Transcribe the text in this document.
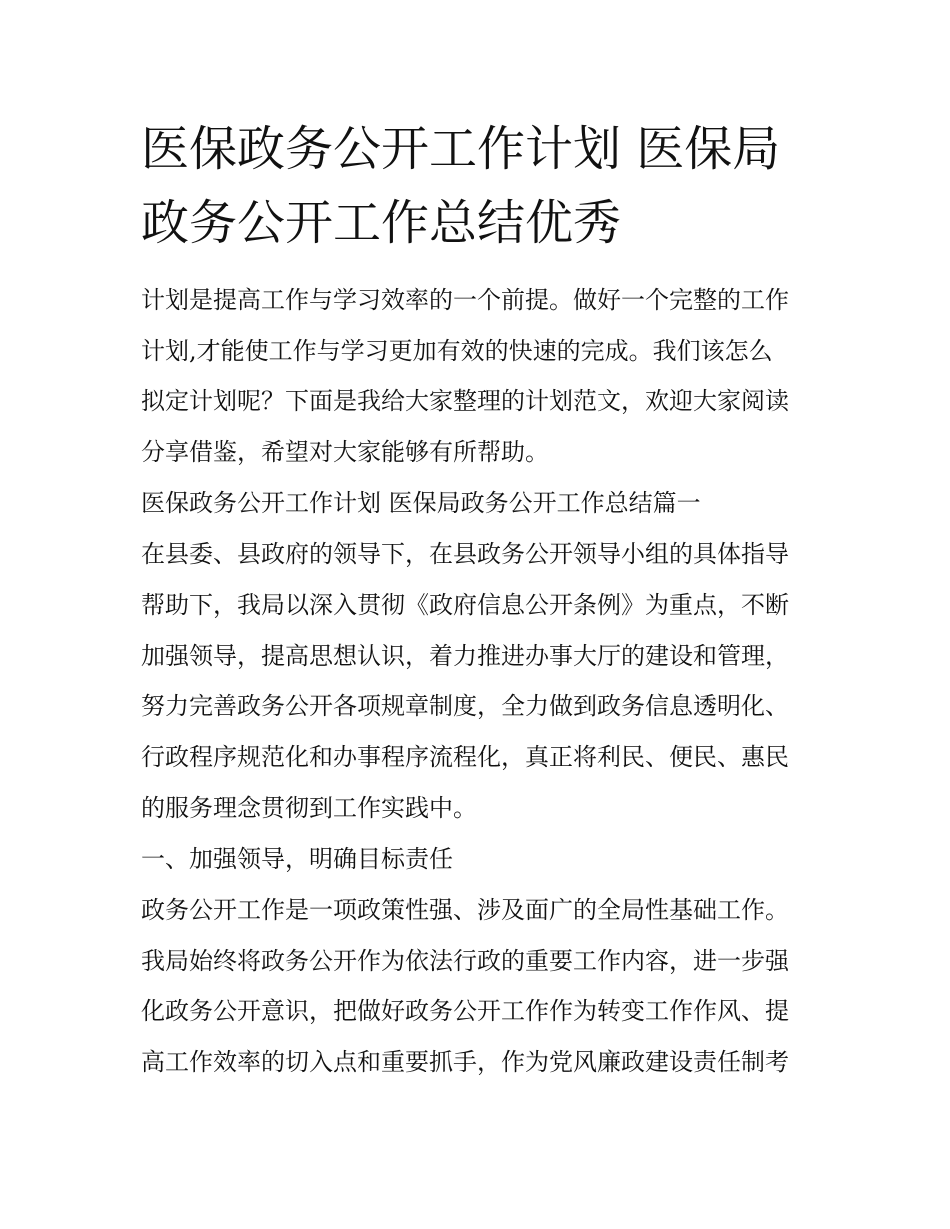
医保政务公开工作计划 医保局
政务公开工作总结优秀

计划是提高工作与学习效率的一个前提。做好一个完整的工作

计划,才能使工作与学习更加有效的快速的完成。我们该怎么

拟定计划呢？下面是我给大家整理的计划范文，欢迎大家阅读

分享借鉴，希望对大家能够有所帮助。

医保政务公开工作计划 医保局政务公开工作总结篇一

在县委、县政府的领导下，在县政务公开领导小组的具体指导

帮助下，我局以深入贯彻《政府信息公开条例》为重点，不断

加强领导，提高思想认识，着力推进办事大厅的建设和管理，

努力完善政务公开各项规章制度，全力做到政务信息透明化、

行政程序规范化和办事程序流程化，真正将利民、便民、惠民

的服务理念贯彻到工作实践中。

一、加强领导，明确目标责任

政务公开工作是一项政策性强、涉及面广的全局性基础工作。

我局始终将政务公开作为依法行政的重要工作内容，进一步强

化政务公开意识，把做好政务公开工作作为转变工作作风、提

高工作效率的切入点和重要抓手，作为党风廉政建设责任制考
